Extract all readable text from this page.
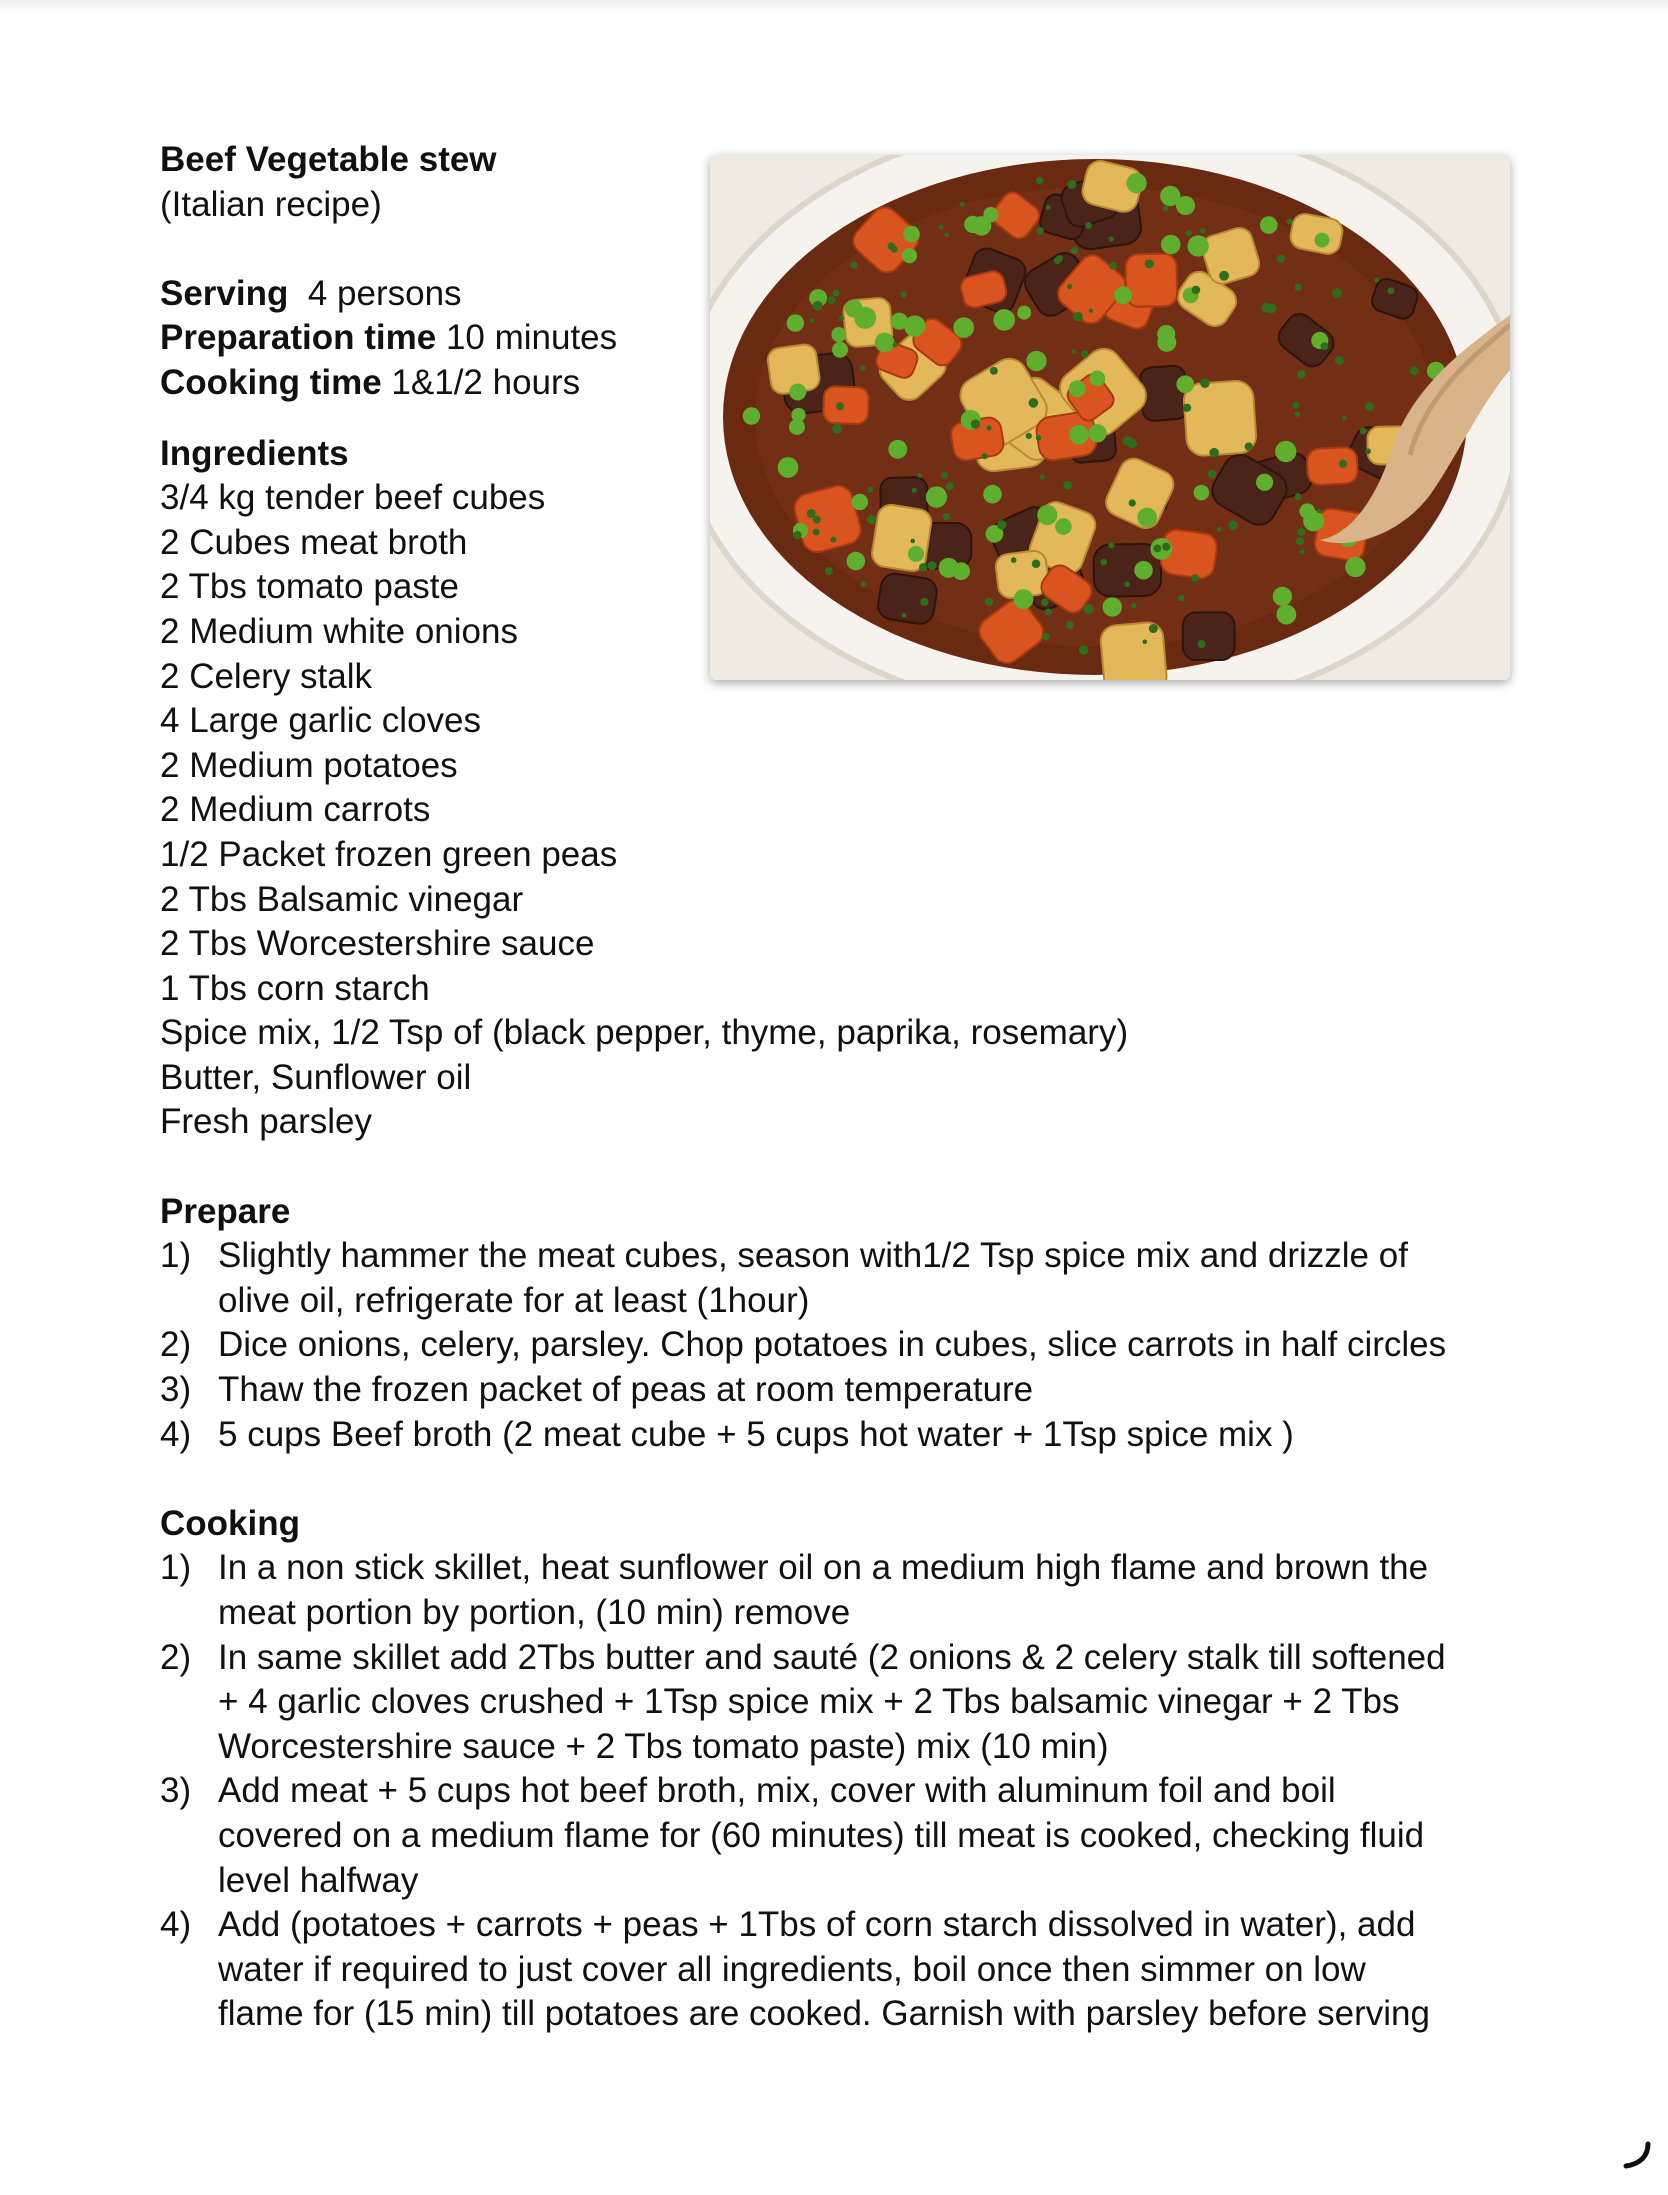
Beef Vegetable stew

(Italian recipe)

Serving 4 persons

Preparation time 10 minutes

Cooking time 1&1/2 hours

Ingredients

3/4 kg tender beef cubes

2 Cubes meat broth

2 Tbs tomato paste

2 Medium white onions

2 Celery stalk

4 Large garlic cloves

2 Medium potatoes

2 Medium carrots

1/2 Packet frozen green peas

2 Tbs Balsamic vinegar

2 Tbs Worcestershire sauce

1 Tbs corn starch

Spice mix, 1/2 Tsp of (black pepper, thyme, paprika, rosemary)

Butter, Sunflower oil

Fresh parsley

Prepare

1) Slightly hammer the meat cubes, season with1/2 Tsp spice mix and drizzle of

olive oil, refrigerate for at least (1hour)

2) Dice onions, celery, parsley. Chop potatoes in cubes, slice carrots in half circles

3) Thaw the frozen packet of peas at room temperature

4) 5 cups Beef broth (2 meat cube + 5 cups hot water + 1Tsp spice mix )

Cooking

1) In a non stick skillet, heat sunflower oil on a medium high flame and brown the

meat portion by portion, (10 min) remove

2) In same skillet add 2Tbs butter and sauté (2 onions & 2 celery stalk till softened

+ 4 garlic cloves crushed + 1Tsp spice mix + 2 Tbs balsamic vinegar + 2 Tbs

Worcestershire sauce + 2 Tbs tomato paste) mix (10 min)

3) Add meat + 5 cups hot beef broth, mix, cover with aluminum foil and boil

covered on a medium flame for (60 minutes) till meat is cooked, checking fluid

level halfway

4) Add (potatoes + carrots + peas + 1Tbs of corn starch dissolved in water), add

water if required to just cover all ingredients, boil once then simmer on low

flame for (15 min) till potatoes are cooked. Garnish with parsley before serving
